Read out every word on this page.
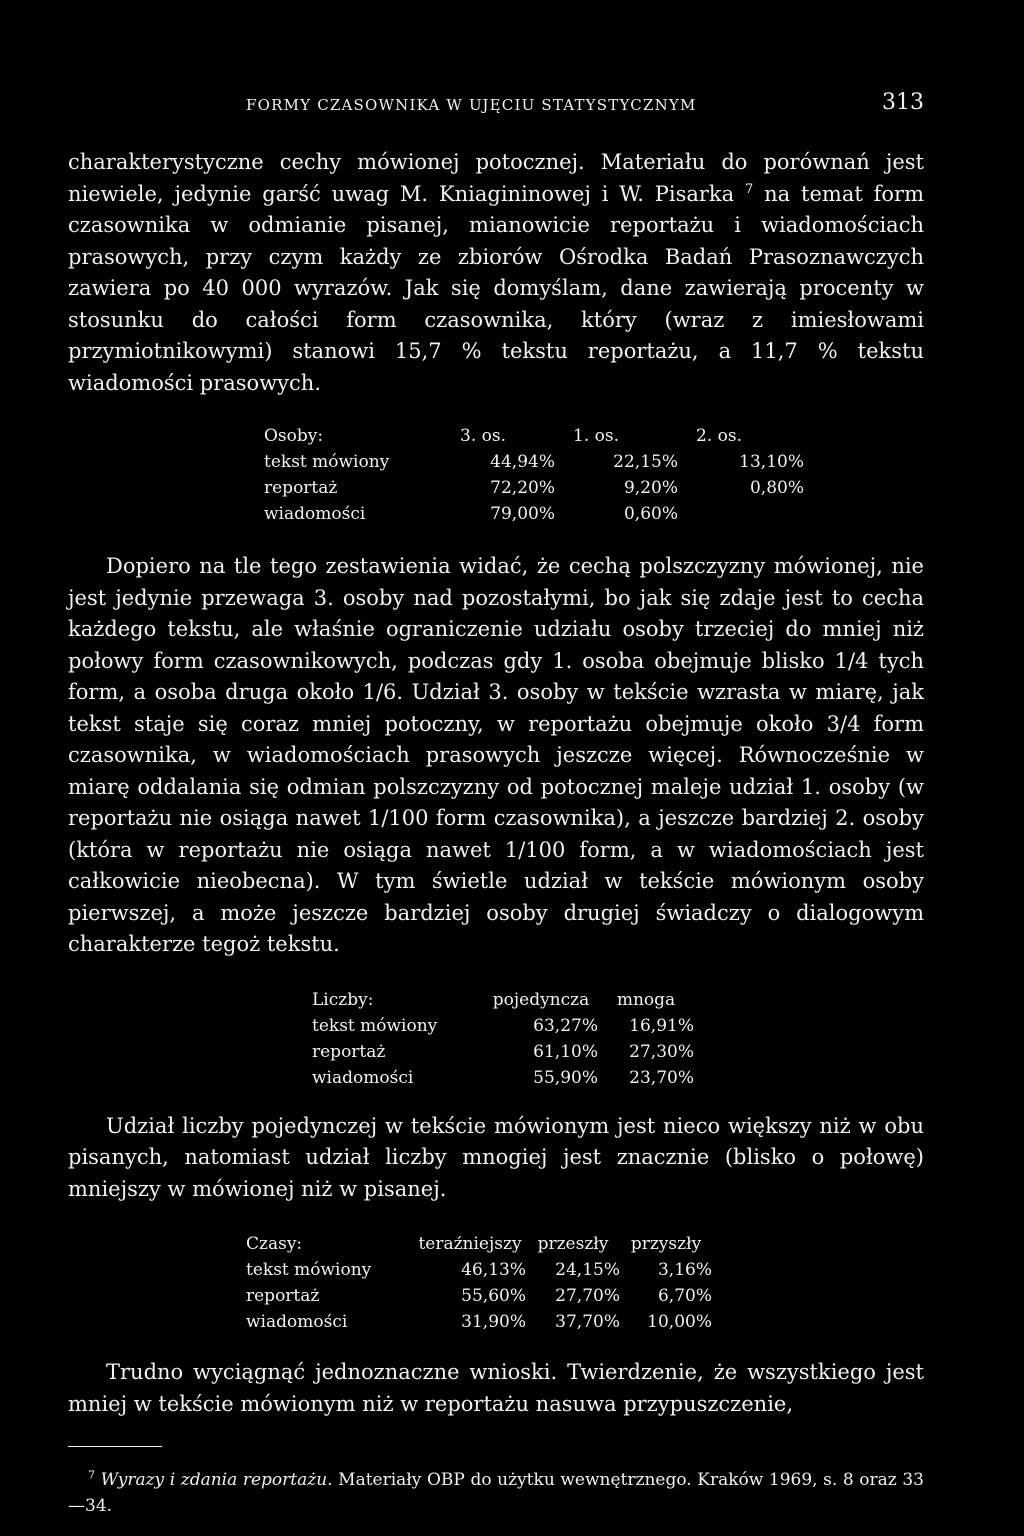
FORMY CZASOWNIKA W UJĘCIU STATYSTYCZNYM	313

charakterystyczne cechy mówionej potocznej. Materiału do porównań jest niewiele, jedynie garść uwag M. Kniagininowej i W. Pisarka $^7$ na temat form czasownika w odmianie pisanej, mianowicie reportażu i wiadomościach prasowych, przy czym każdy ze zbiorów Ośrodka Badań Prasoznawczych zawiera po 40 000 wyrazów. Jak się domyślam, dane zawierają procenty w stosunku do całości form czasownika, który (wraz z imiesłowami przymiotnikowymi) stanowi 15,7 % tekstu reportażu, a 11,7 % tekstu wiadomości prasowych.

Osoby:	3. os.	1. os.	2. os.
tekst mówiony	44,94%	22,15%	13,10%
reportaż	72,20%	9,20%	0,80%
wiadomości	79,00%	0,60%	

Dopiero na tle tego zestawienia widać, że cechą polszczyzny mówionej, nie jest jedynie przewaga 3. osoby nad pozostałymi, bo jak się zdaje jest to cecha każdego tekstu, ale właśnie ograniczenie udziału osoby trzeciej do mniej niż połowy form czasownikowych, podczas gdy 1. osoba obejmuje blisko 1/4 tych form, a osoba druga około 1/6. Udział 3. osoby w tekście wzrasta w miarę, jak tekst staje się coraz mniej potoczny, w reportażu obejmuje około 3/4 form czasownika, w wiadomościach prasowych jeszcze więcej. Równocześnie w miarę oddalania się odmian polszczyzny od potocznej maleje udział 1. osoby (w reportażu nie osiąga nawet 1/100 form czasownika), a jeszcze bardziej 2. osoby (która w reportażu nie osiąga nawet 1/100 form, a w wiadomościach jest całkowicie nieobecna). W tym świetle udział w tekście mówionym osoby pierwszej, a może jeszcze bardziej osoby drugiej świadczy o dialogowym charakterze tegoż tekstu.

Liczby:	pojedyncza	mnoga
tekst mówiony	63,27%	16,91%
reportaż	61,10%	27,30%
wiadomości	55,90%	23,70%

Udział liczby pojedynczej w tekście mówionym jest nieco większy niż w obu pisanych, natomiast udział liczby mnogiej jest znacznie (blisko o połowę) mniejszy w mówionej niż w pisanej.

Czasy:	teraźniejszy	przeszły	przyszły
tekst mówiony	46,13%	24,15%	3,16%
reportaż	55,60%	27,70%	6,70%
wiadomości	31,90%	37,70%	10,00%

Trudno wyciągnąć jednoznaczne wnioski. Twierdzenie, że wszystkiego jest mniej w tekście mówionym niż w reportażu nasuwa przypuszczenie,

$^7$ Wyrazy i zdania reportażu. Materiały OBP do użytku wewnętrznego. Kraków 1969, s. 8 oraz 33—34.
